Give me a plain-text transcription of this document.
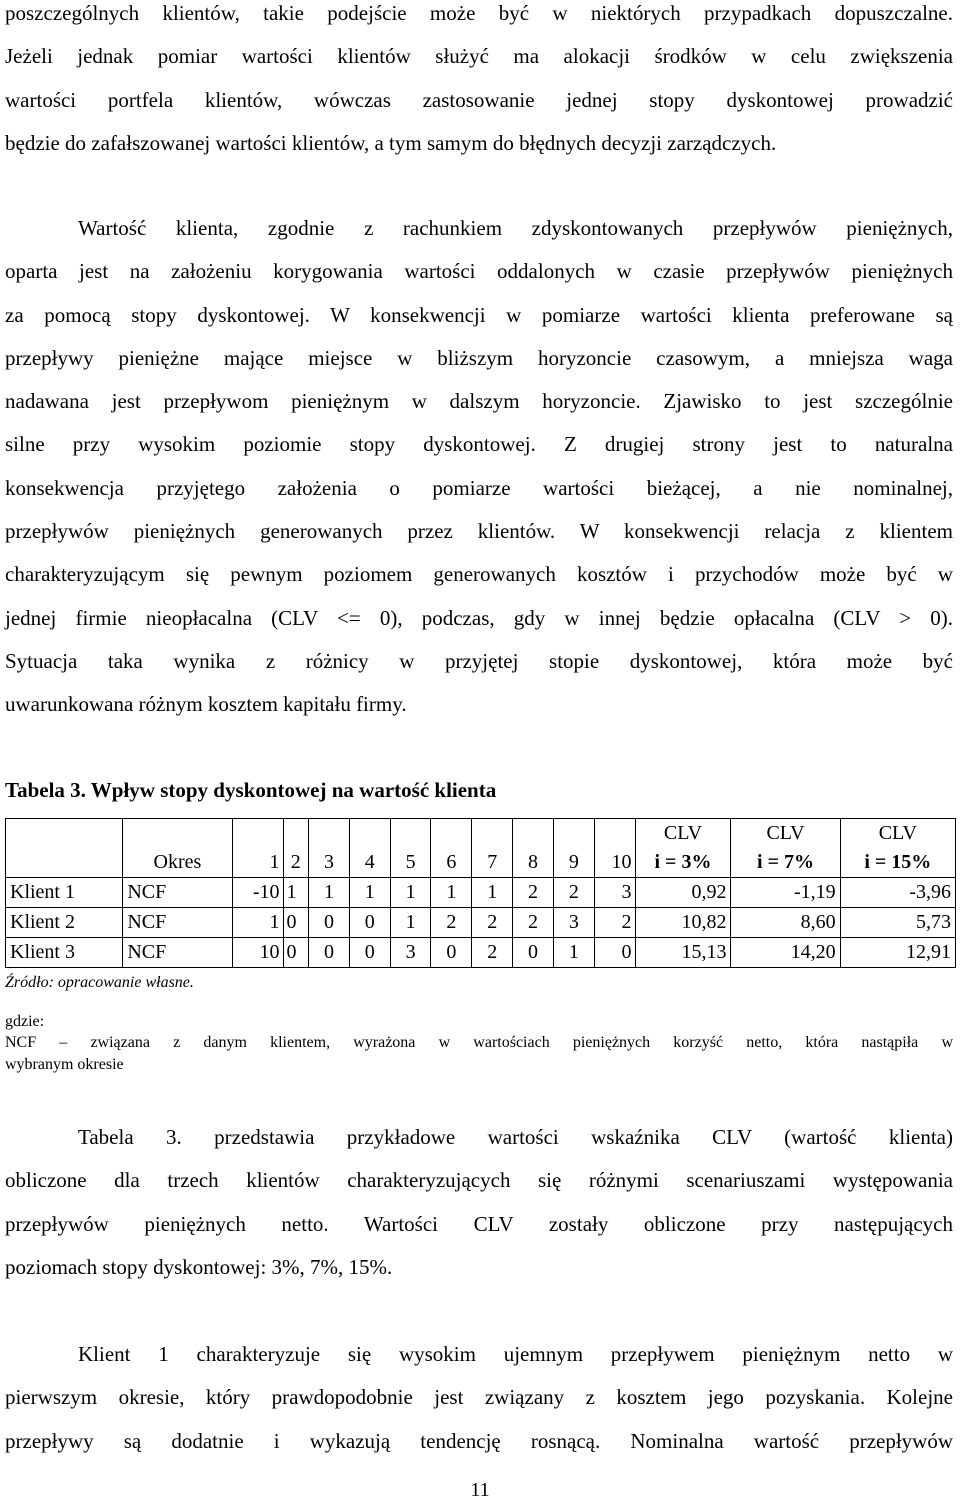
poszczególnych klientów, takie podejście może być w niektórych przypadkach dopuszczalne.
Jeżeli jednak pomiar wartości klientów służyć ma alokacji środków w celu zwiększenia
wartości portfela klientów, wówczas zastosowanie jednej stopy dyskontowej prowadzić
będzie do zafałszowanej wartości klientów, a tym samym do błędnych decyzji zarządczych.
Wartość klienta, zgodnie z rachunkiem zdyskontowanych przepływów pieniężnych,
oparta jest na założeniu korygowania wartości oddalonych w czasie przepływów pieniężnych
za pomocą stopy dyskontowej. W konsekwencji w pomiarze wartości klienta preferowane są
przepływy pieniężne mające miejsce w bliższym horyzoncie czasowym, a mniejsza waga
nadawana jest przepływom pieniężnym w dalszym horyzoncie. Zjawisko to jest szczególnie
silne przy wysokim poziomie stopy dyskontowej. Z drugiej strony jest to naturalna
konsekwencja przyjętego założenia o pomiarze wartości bieżącej, a nie nominalnej,
przepływów pieniężnych generowanych przez klientów. W konsekwencji relacja z klientem
charakteryzującym się pewnym poziomem generowanych kosztów i przychodów może być w
jednej firmie nieopłacalna (CLV <= 0), podczas, gdy w innej będzie opłacalna (CLV > 0).
Sytuacja taka wynika z różnicy w przyjętej stopie dyskontowej, która może być
uwarunkowana różnym kosztem kapitału firmy.
Tabela 3. Wpływ stopy dyskontowej na wartość klienta
												CLV	CLV	CLV
	Okres	1	2	3	4	5	6	7	8	9	10	i = 3%	i = 7%	i = 15%
Klient 1	NCF	-10	1	1	1	1	1	1	2	2	3	0,92	-1,19	-3,96
Klient 2	NCF	1	0	0	0	1	2	2	2	3	2	10,82	8,60	5,73
Klient 3	NCF	10	0	0	0	3	0	2	0	1	0	15,13	14,20	12,91
Źródło: opracowanie własne.
gdzie:
NCF – związana z danym klientem, wyrażona w wartościach pieniężnych korzyść netto, która nastąpiła w
wybranym okresie
Tabela 3. przedstawia przykładowe wartości wskaźnika CLV (wartość klienta)
obliczone dla trzech klientów charakteryzujących się różnymi scenariuszami występowania
przepływów pieniężnych netto. Wartości CLV zostały obliczone przy następujących
poziomach stopy dyskontowej: 3%, 7%, 15%.
Klient 1 charakteryzuje się wysokim ujemnym przepływem pieniężnym netto w
pierwszym okresie, który prawdopodobnie jest związany z kosztem jego pozyskania. Kolejne
przepływy są dodatnie i wykazują tendencję rosnącą. Nominalna wartość przepływów
11
